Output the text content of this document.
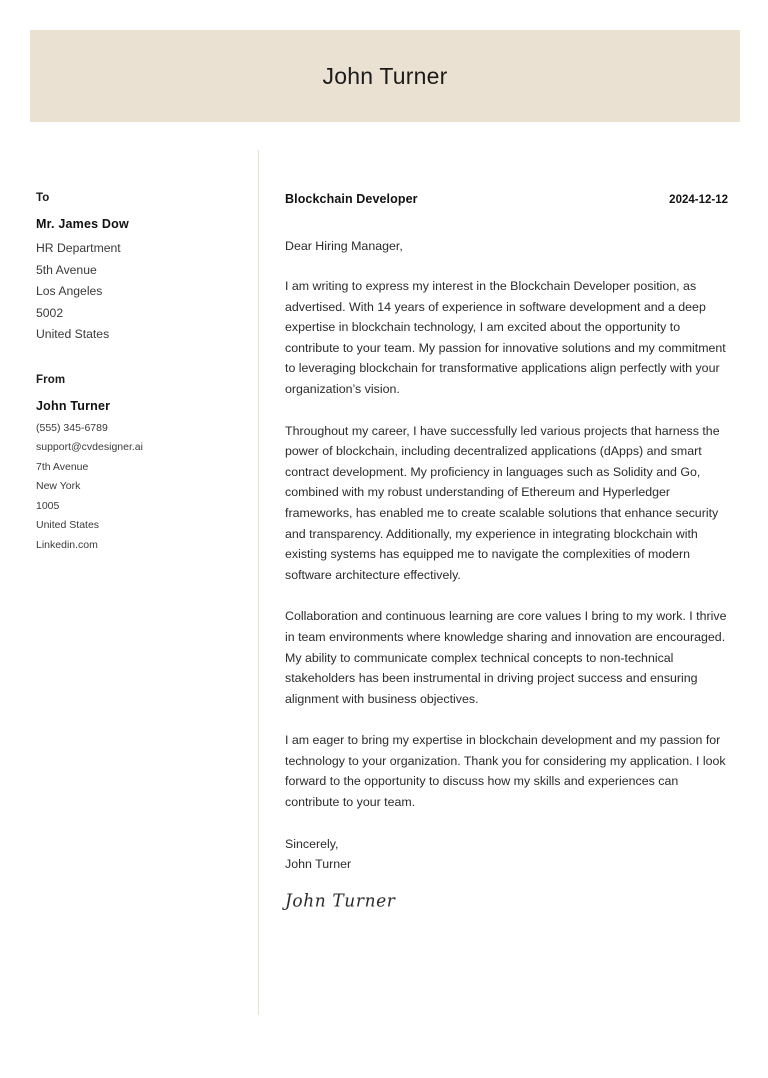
John Turner
To
Mr. James Dow
HR Department
5th Avenue
Los Angeles
5002
United States
From
John Turner
(555) 345-6789
support@cvdesigner.ai
7th Avenue
New York
1005
United States
Linkedin.com
Blockchain Developer	2024-12-12
Dear Hiring Manager,
I am writing to express my interest in the Blockchain Developer position, as advertised. With 14 years of experience in software development and a deep expertise in blockchain technology, I am excited about the opportunity to contribute to your team. My passion for innovative solutions and my commitment to leveraging blockchain for transformative applications align perfectly with your organization’s vision.
Throughout my career, I have successfully led various projects that harness the power of blockchain, including decentralized applications (dApps) and smart contract development. My proficiency in languages such as Solidity and Go, combined with my robust understanding of Ethereum and Hyperledger frameworks, has enabled me to create scalable solutions that enhance security and transparency. Additionally, my experience in integrating blockchain with existing systems has equipped me to navigate the complexities of modern software architecture effectively.
Collaboration and continuous learning are core values I bring to my work. I thrive in team environments where knowledge sharing and innovation are encouraged. My ability to communicate complex technical concepts to non-technical stakeholders has been instrumental in driving project success and ensuring alignment with business objectives.
I am eager to bring my expertise in blockchain development and my passion for technology to your organization. Thank you for considering my application. I look forward to the opportunity to discuss how my skills and experiences can contribute to your team.
Sincerely,
John Turner
John Turner
